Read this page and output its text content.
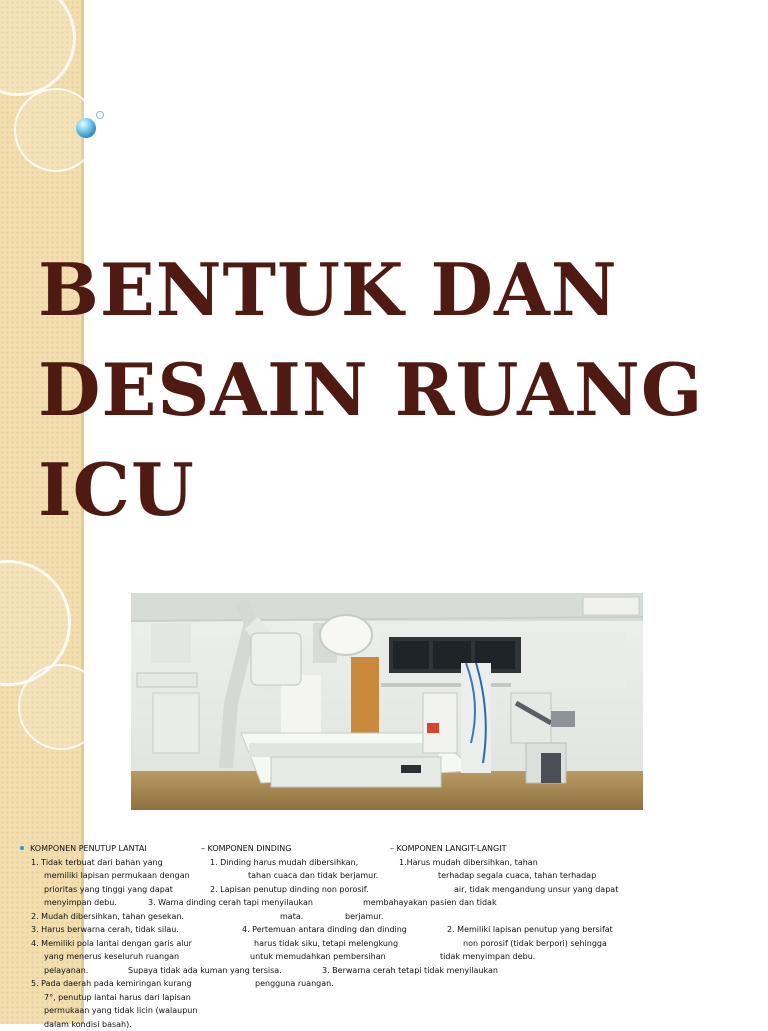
BENTUK DAN
DESAIN RUANG
ICU
KOMPONEN PENUTUP LANTAI	– KOMPONEN DINDING	– KOMPONEN LANGIT-LANGIT
1. Tidak terbuat dari bahan yang	1. Dinding harus mudah dibersihkan,	1.Harus mudah dibersihkan, tahan
memiliki lapisan permukaan dengan	tahan cuaca dan tidak berjamur.	terhadap segala cuaca, tahan terhadap
prioritas yang tinggi yang dapat	2. Lapisan penutup dinding non porosif.	air, tidak mengandung unsur yang dapat
menyimpan debu.	3. Warna dinding cerah tapi menyilaukan	membahayakan pasien dan tidak
2. Mudah dibersihkan, tahan gesekan.	mata.	berjamur.
3. Harus berwarna cerah, tidak silau.	4. Pertemuan antara dinding dan dinding	2. Memiliki lapisan penutup yang bersifat
4. Memiliki pola lantai dengan garis alur	harus tidak siku, tetapi melengkung	non porosif (tidak berpori) sehingga
yang menerus keseluruh ruangan	untuk memudahkan pembersihan	tidak menyimpan debu.
pelayanan.	Supaya tidak ada kuman yang tersisa.	3. Berwarna cerah tetapi tidak menyilaukan
5. Pada daerah pada kemiringan kurang	pengguna ruangan.
7°, penutup lantai harus dari lapisan
permukaan yang tidak licin (walaupun
dalam kondisi basah).
